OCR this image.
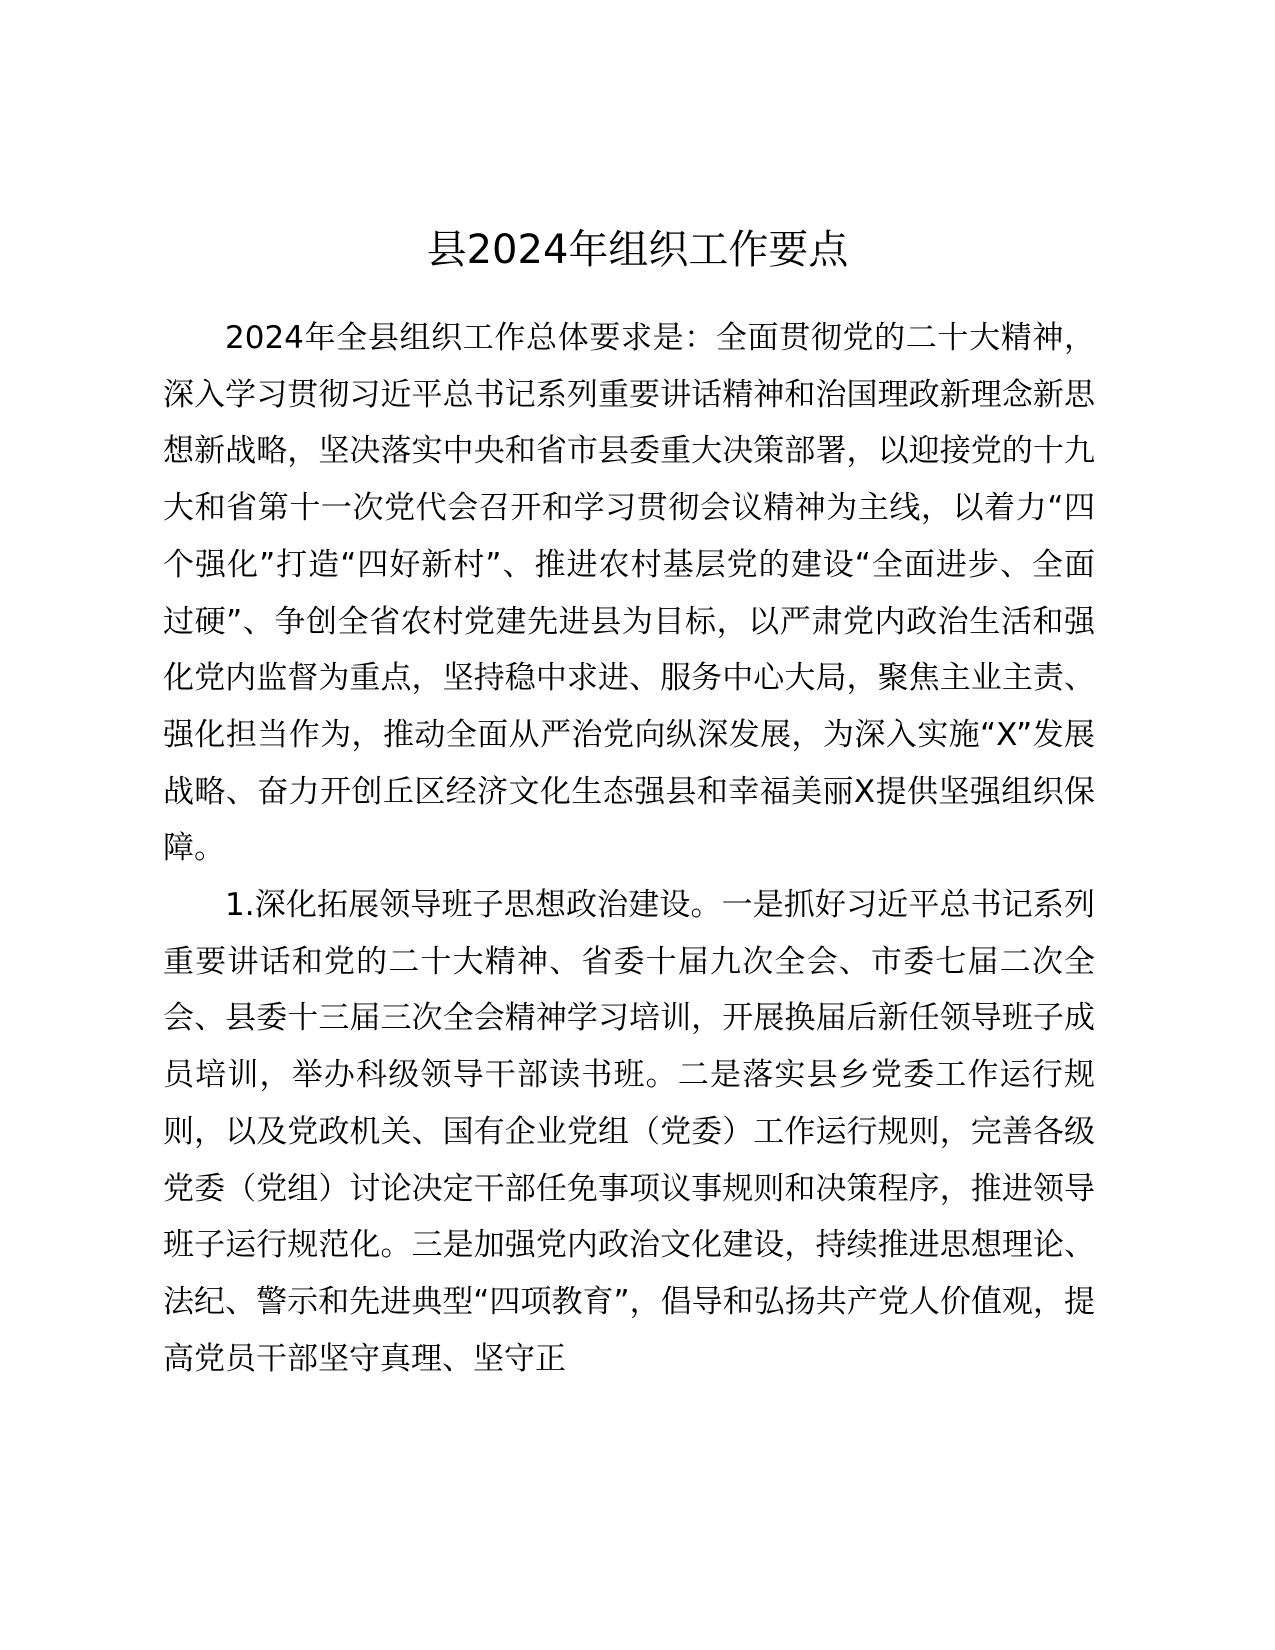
县2024年组织工作要点

2024年全县组织工作总体要求是：全面贯彻党的二十大精神，深入学习贯彻习近平总书记系列重要讲话精神和治国理政新理念新思想新战略，坚决落实中央和省市县委重大决策部署，以迎接党的十九大和省第十一次党代会召开和学习贯彻会议精神为主线，以着力“四个强化”打造“四好新村”、推进农村基层党的建设“全面进步、全面过硬”、争创全省农村党建先进县为目标，以严肃党内政治生活和强化党内监督为重点，坚持稳中求进、服务中心大局，聚焦主业主责、强化担当作为，推动全面从严治党向纵深发展，为深入实施“X”发展战略、奋力开创丘区经济文化生态强县和幸福美丽X提供坚强组织保障。

1.深化拓展领导班子思想政治建设。一是抓好习近平总书记系列重要讲话和党的二十大精神、省委十届九次全会、市委七届二次全会、县委十三届三次全会精神学习培训，开展换届后新任领导班子成员培训，举办科级领导干部读书班。二是落实县乡党委工作运行规则，以及党政机关、国有企业党组（党委）工作运行规则，完善各级党委（党组）讨论决定干部任免事项议事规则和决策程序，推进领导班子运行规范化。三是加强党内政治文化建设，持续推进思想理论、法纪、警示和先进典型“四项教育”，倡导和弘扬共产党人价值观，提高党员干部坚守真理、坚守正
